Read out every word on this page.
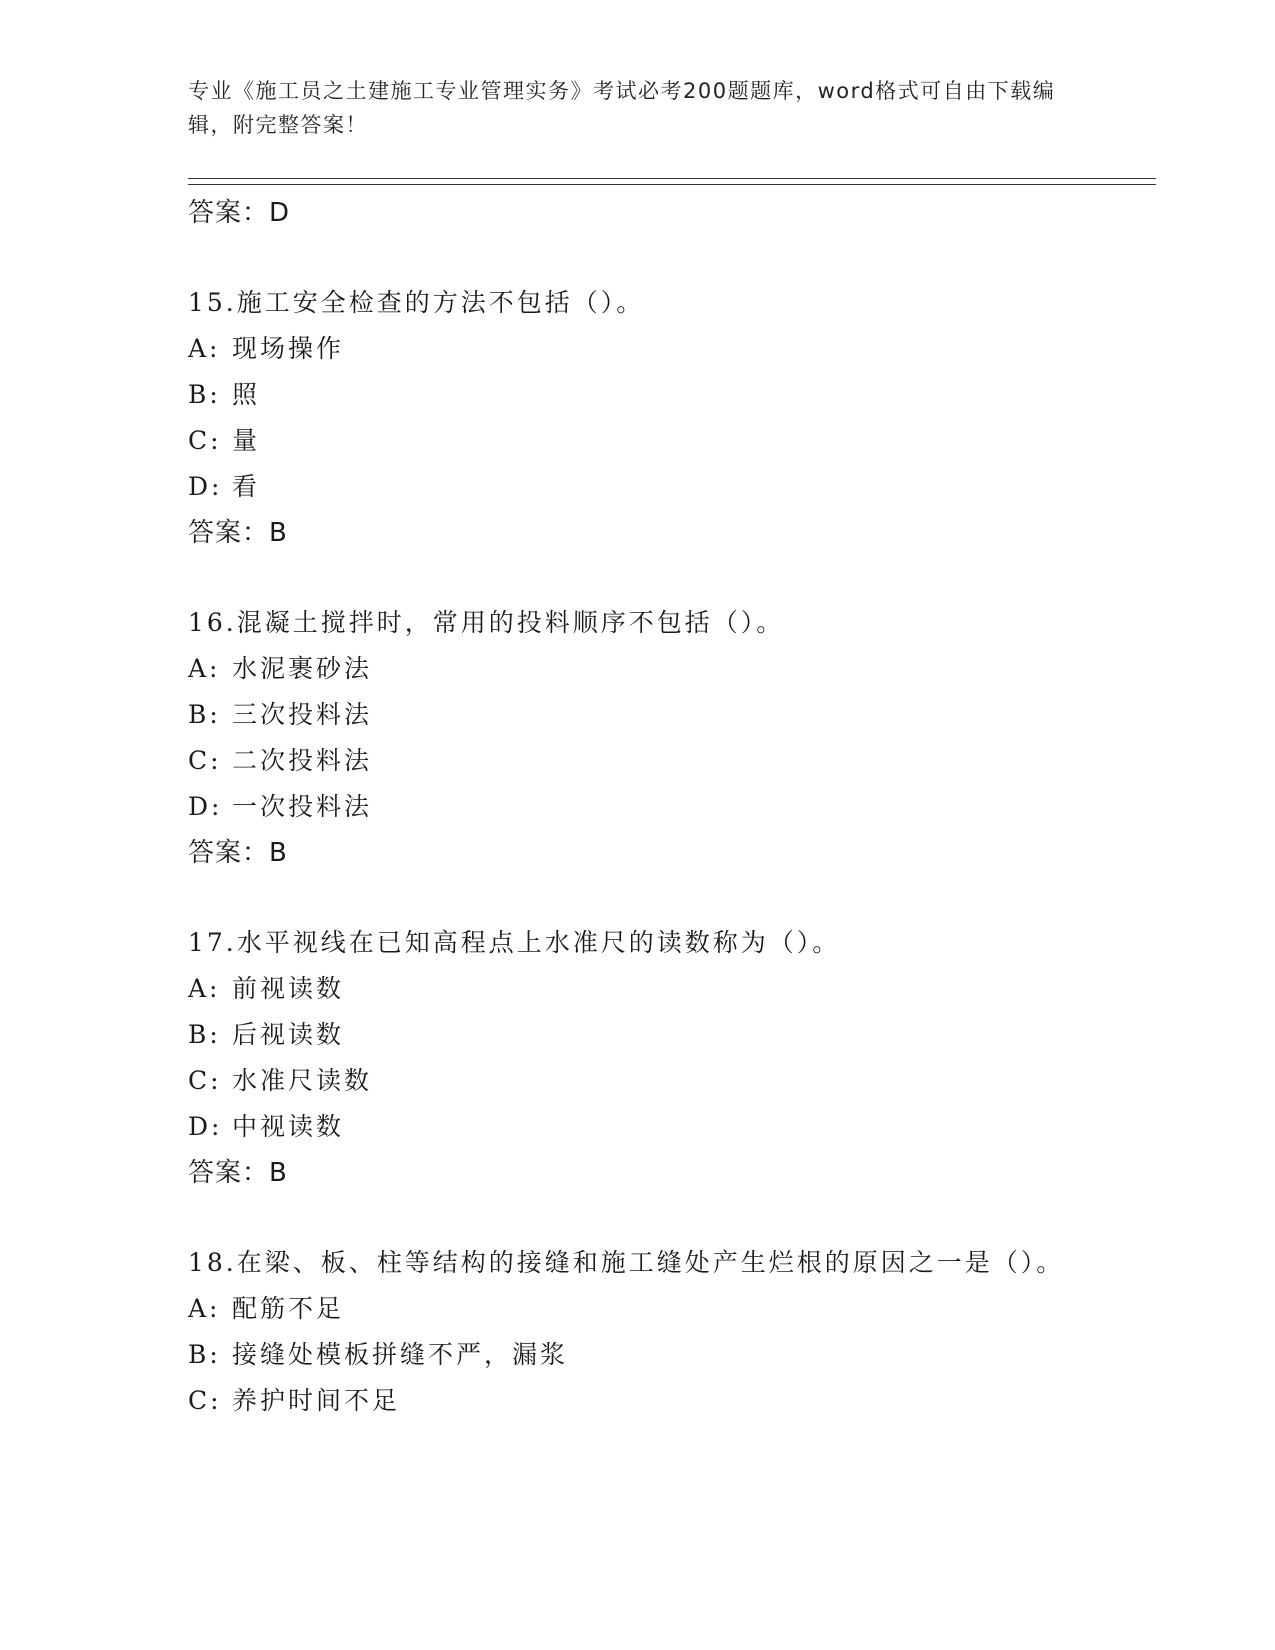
专业《施工员之土建施工专业管理实务》考试必考200题题库，word格式可自由下载编辑，附完整答案！
答案：D
15.施工安全检查的方法不包括（）。
A: 现场操作
B: 照
C: 量
D: 看
答案：B
16.混凝土搅拌时，常用的投料顺序不包括（）。
A: 水泥裹砂法
B: 三次投料法
C: 二次投料法
D: 一次投料法
答案：B
17.水平视线在已知高程点上水准尺的读数称为（）。
A: 前视读数
B: 后视读数
C: 水准尺读数
D: 中视读数
答案：B
18.在梁、板、柱等结构的接缝和施工缝处产生烂根的原因之一是（）。
A: 配筋不足
B: 接缝处模板拼缝不严，漏浆
C: 养护时间不足
